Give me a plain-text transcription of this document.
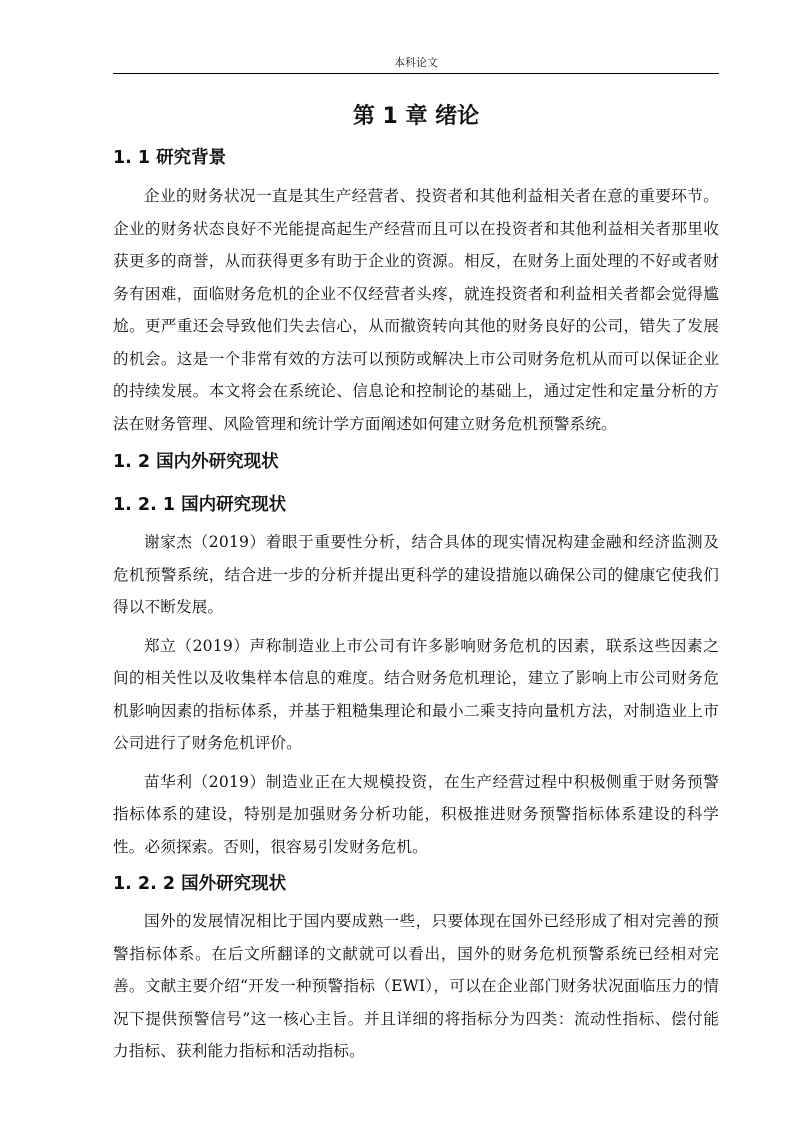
本科论文
第 1 章 绪论
1. 1 研究背景

企业的财务状况一直是其生产经营者、投资者和其他利益相关者在意的重要环节。企业的财务状态良好不光能提高起生产经营而且可以在投资者和其他利益相关者那里收获更多的商誉，从而获得更多有助于企业的资源。相反，在财务上面处理的不好或者财务有困难，面临财务危机的企业不仅经营者头疼，就连投资者和利益相关者都会觉得尴尬。更严重还会导致他们失去信心，从而撤资转向其他的财务良好的公司，错失了发展的机会。这是一个非常有效的方法可以预防或解决上市公司财务危机从而可以保证企业的持续发展。本文将会在系统论、信息论和控制论的基础上，通过定性和定量分析的方法在财务管理、风险管理和统计学方面阐述如何建立财务危机预警系统。

1. 2 国内外研究现状
1. 2. 1 国内研究现状

谢家杰（2019）着眼于重要性分析，结合具体的现实情况构建金融和经济监测及危机预警系统，结合进一步的分析并提出更科学的建设措施以确保公司的健康它使我们得以不断发展。

郑立（2019）声称制造业上市公司有许多影响财务危机的因素，联系这些因素之间的相关性以及收集样本信息的难度。结合财务危机理论，建立了影响上市公司财务危机影响因素的指标体系，并基于粗糙集理论和最小二乘支持向量机方法，对制造业上市公司进行了财务危机评价。

苗华利（2019）制造业正在大规模投资，在生产经营过程中积极侧重于财务预警指标体系的建设，特别是加强财务分析功能，积极推进财务预警指标体系建设的科学性。必须探索。否则，很容易引发财务危机。

1. 2. 2 国外研究现状

国外的发展情况相比于国内要成熟一些，只要体现在国外已经形成了相对完善的预警指标体系。在后文所翻译的文献就可以看出，国外的财务危机预警系统已经相对完善。文献主要介绍“开发一种预警指标（EWI），可以在企业部门财务状况面临压力的情况下提供预警信号”这一核心主旨。并且详细的将指标分为四类：流动性指标、偿付能力指标、获利能力指标和活动指标。
